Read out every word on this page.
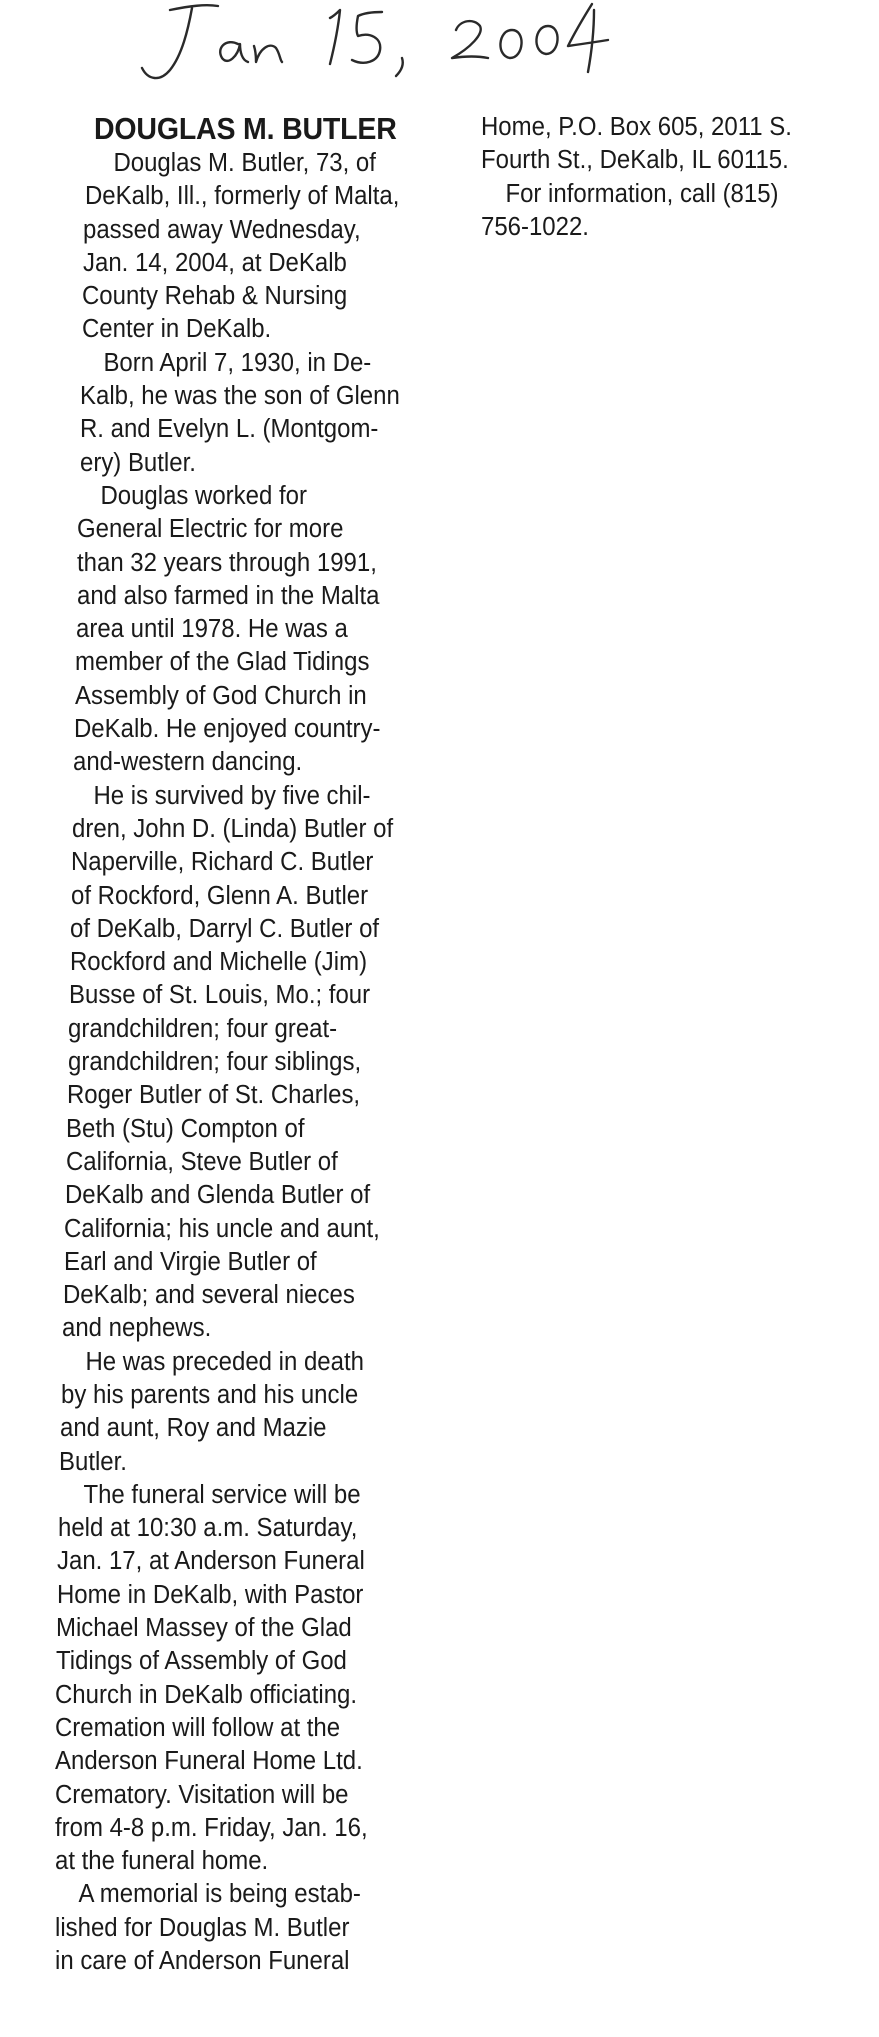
DOUGLAS M. BUTLER
Douglas M. Butler, 73, of
DeKalb, Ill., formerly of Malta,
passed away Wednesday,
Jan. 14, 2004, at DeKalb
County Rehab & Nursing
Center in DeKalb.
Born April 7, 1930, in De-
Kalb, he was the son of Glenn
R. and Evelyn L. (Montgom-
ery) Butler.
Douglas worked for
General Electric for more
than 32 years through 1991,
and also farmed in the Malta
area until 1978. He was a
member of the Glad Tidings
Assembly of God Church in
DeKalb. He enjoyed country-
and-western dancing.
He is survived by five chil-
dren, John D. (Linda) Butler of
Naperville, Richard C. Butler
of Rockford, Glenn A. Butler
of DeKalb, Darryl C. Butler of
Rockford and Michelle (Jim)
Busse of St. Louis, Mo.; four
grandchildren; four great-
grandchildren; four siblings,
Roger Butler of St. Charles,
Beth (Stu) Compton of
California, Steve Butler of
DeKalb and Glenda Butler of
California; his uncle and aunt,
Earl and Virgie Butler of
DeKalb; and several nieces
and nephews.
He was preceded in death
by his parents and his uncle
and aunt, Roy and Mazie
Butler.
The funeral service will be
held at 10:30 a.m. Saturday,
Jan. 17, at Anderson Funeral
Home in DeKalb, with Pastor
Michael Massey of the Glad
Tidings of Assembly of God
Church in DeKalb officiating.
Cremation will follow at the
Anderson Funeral Home Ltd.
Crematory. Visitation will be
from 4-8 p.m. Friday, Jan. 16,
at the funeral home.
A memorial is being estab-
lished for Douglas M. Butler
in care of Anderson Funeral
Home, P.O. Box 605, 2011 S.
Fourth St., DeKalb, IL 60115.
For information, call (815)
756-1022.
